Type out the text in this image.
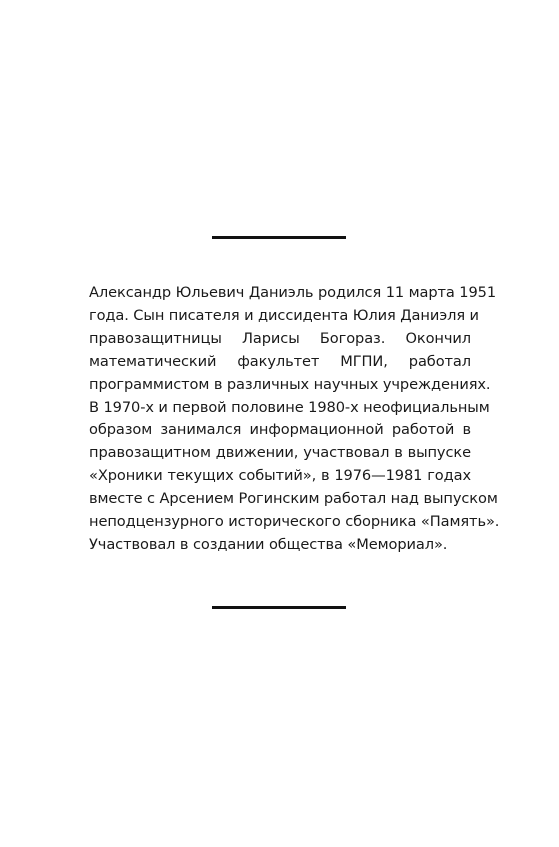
Александр Юльевич Даниэль родился 11 марта 1951
года. Сын писателя и диссидента Юлия Даниэля и
правозащитницы Ларисы Богораз. Окончил
математический факультет МГПИ, работал
программистом в различных научных учреждениях.
В 1970-х и первой половине 1980-х неофициальным
образом занимался информационной работой в
правозащитном движении, участвовал в выпуске
«Хроники текущих событий», в 1976—1981 годах
вместе с Арсением Рогинским работал над выпуском
неподцензурного исторического сборника «Память».
Участвовал в создании общества «Мемориал».
